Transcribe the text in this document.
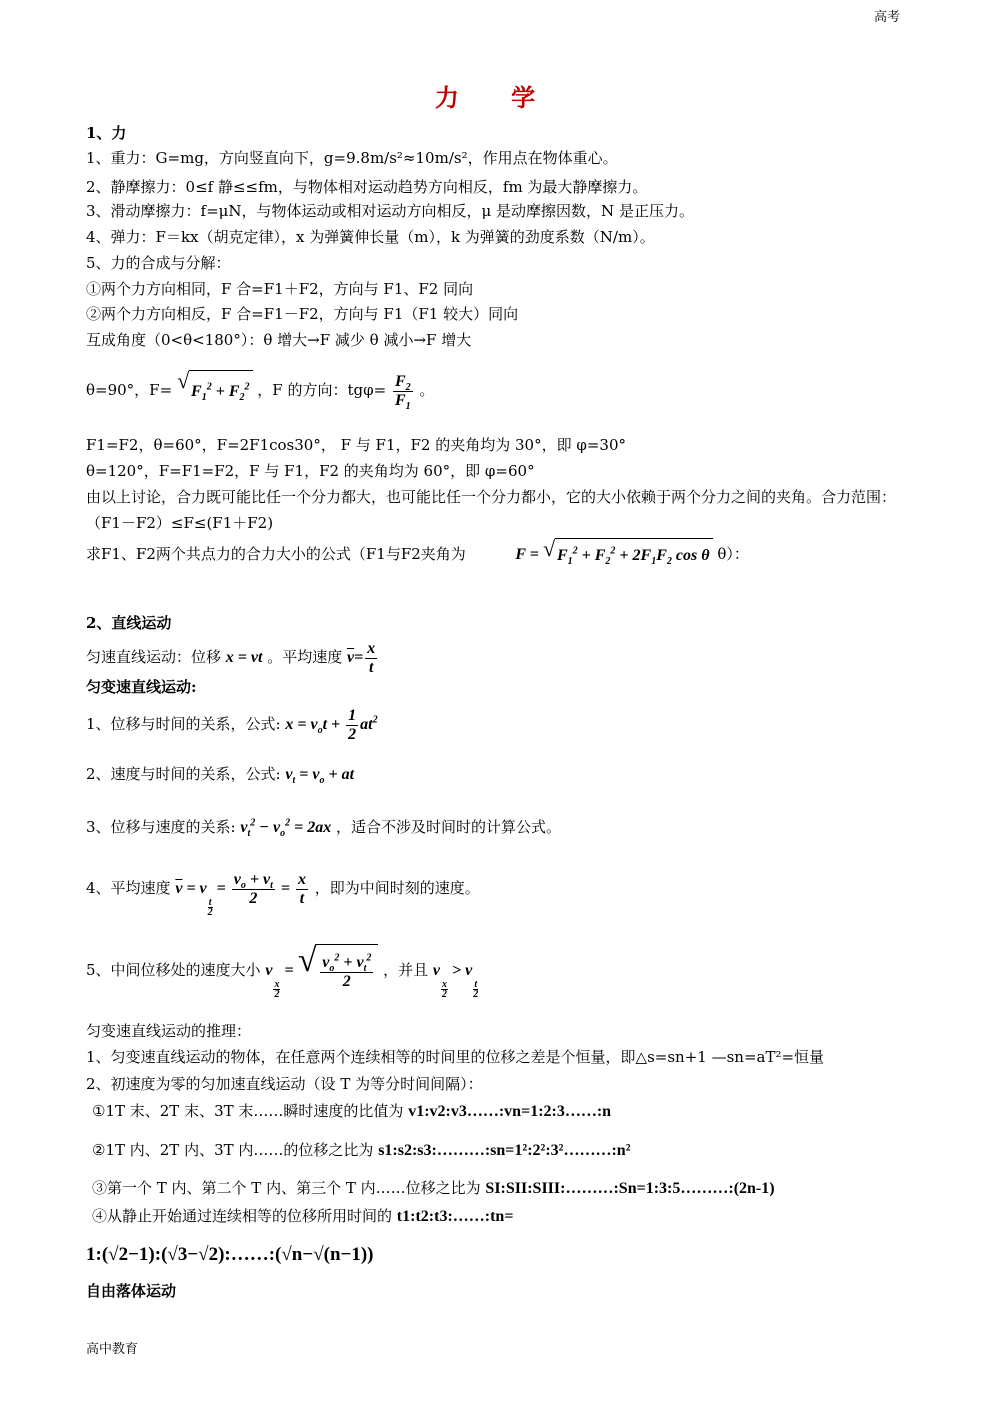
高考
力 学
1、力
1、重力：G=mg，方向竖直向下，g=9.8m/s²≈10m/s²，作用点在物体重心。
2、静摩擦力：0≤f 静≤≤fm，与物体相对运动趋势方向相反，fm 为最大静摩擦力。
3、滑动摩擦力：f=μN，与物体运动或相对运动方向相反，μ 是动摩擦因数，N 是正压力。
4、弹力：F＝kx（胡克定律），x 为弹簧伸长量（m），k 为弹簧的劲度系数（N/m）。
5、力的合成与分解：
①两个力方向相同，F 合=F1＋F2，方向与 F1、F2 同向
②两个力方向相反，F 合=F1－F2，方向与 F1（F1 较大）同向
互成角度（0<θ<180°）：θ 增大→F 减少 θ 减小→F 增大
θ=90°，F= √ $F_1^2 + F_2^2$ ，F 的方向：$tg\varphi= \frac{F_2}{F_1}$ 。
F1=F2，θ=60°，F=2F1cos30°， F 与 F1，F2 的夹角均为 30°，即 φ=30°
θ=120°，F=F1=F2，F 与 F1，F2 的夹角均为 60°，即 φ=60°
由以上讨论，合力既可能比任一个分力都大，也可能比任一个分力都小，它的大小依赖于两个分力之间的夹角。合力范围：（F1－F2）≤F≤(F1＋F2)
求F1、F2两个共点力的合力大小的公式（F1与F2夹角为	F = √ $F_1^2 + F_2^2 + 2F_1F_2$ cos θ θ）：
2、直线运动
匀速直线运动：位移 x = vt 。平均速度 $\overline{v}= \frac{x}{t}$
匀变速直线运动:
1、位移与时间的关系，公式: $x = v_ot + \frac{1}{2} at^2$
2、速度与时间的关系，公式: $v_t = v_o$ + at
3、位移与速度的关系: $v_t^2 - v_o^2 = 2ax$ ，适合不涉及时间时的计算公式。
4、平均速度 $\overline{v} = v$
$\frac{t}{2}$
= $\frac{v_o + v_t}{2} = \frac{x}{t}$ ，即为中间时刻的速度。
5、中间位移处的速度大小 v
$\frac{x}{2}$
= √ $\frac{v_o^2 + v_t^2}{2}$ ，并且 v
$\frac{x}{2}$
> v
$\frac{t}{2}$
匀变速直线运动的推理：
1、匀变速直线运动的物体，在任意两个连续相等的时间里的位移之差是个恒量，即△s=sn+1 —sn=aT²=恒量
2、初速度为零的匀加速直线运动（设 T 为等分时间间隔）：
①1T 末、2T 末、3T 末……瞬时速度的比值为 v1:v2:v3……:vn=1:2:3……:n
②1T 内、2T 内、3T 内……的位移之比为 s1:s2:s3:………:sn=1²:2²:3²………:n²
③第一个 T 内、第二个 T 内、第三个 T 内……位移之比为 SI:SII:SIII:………:Sn=1:3:5………:(2n-1)
④从静止开始通过连续相等的位移所用时间的 t1:t2:t3:……:tn=
1:(√2−1):(√3−√2):……:(√n−√(n−1))
自由落体运动
高中教育
